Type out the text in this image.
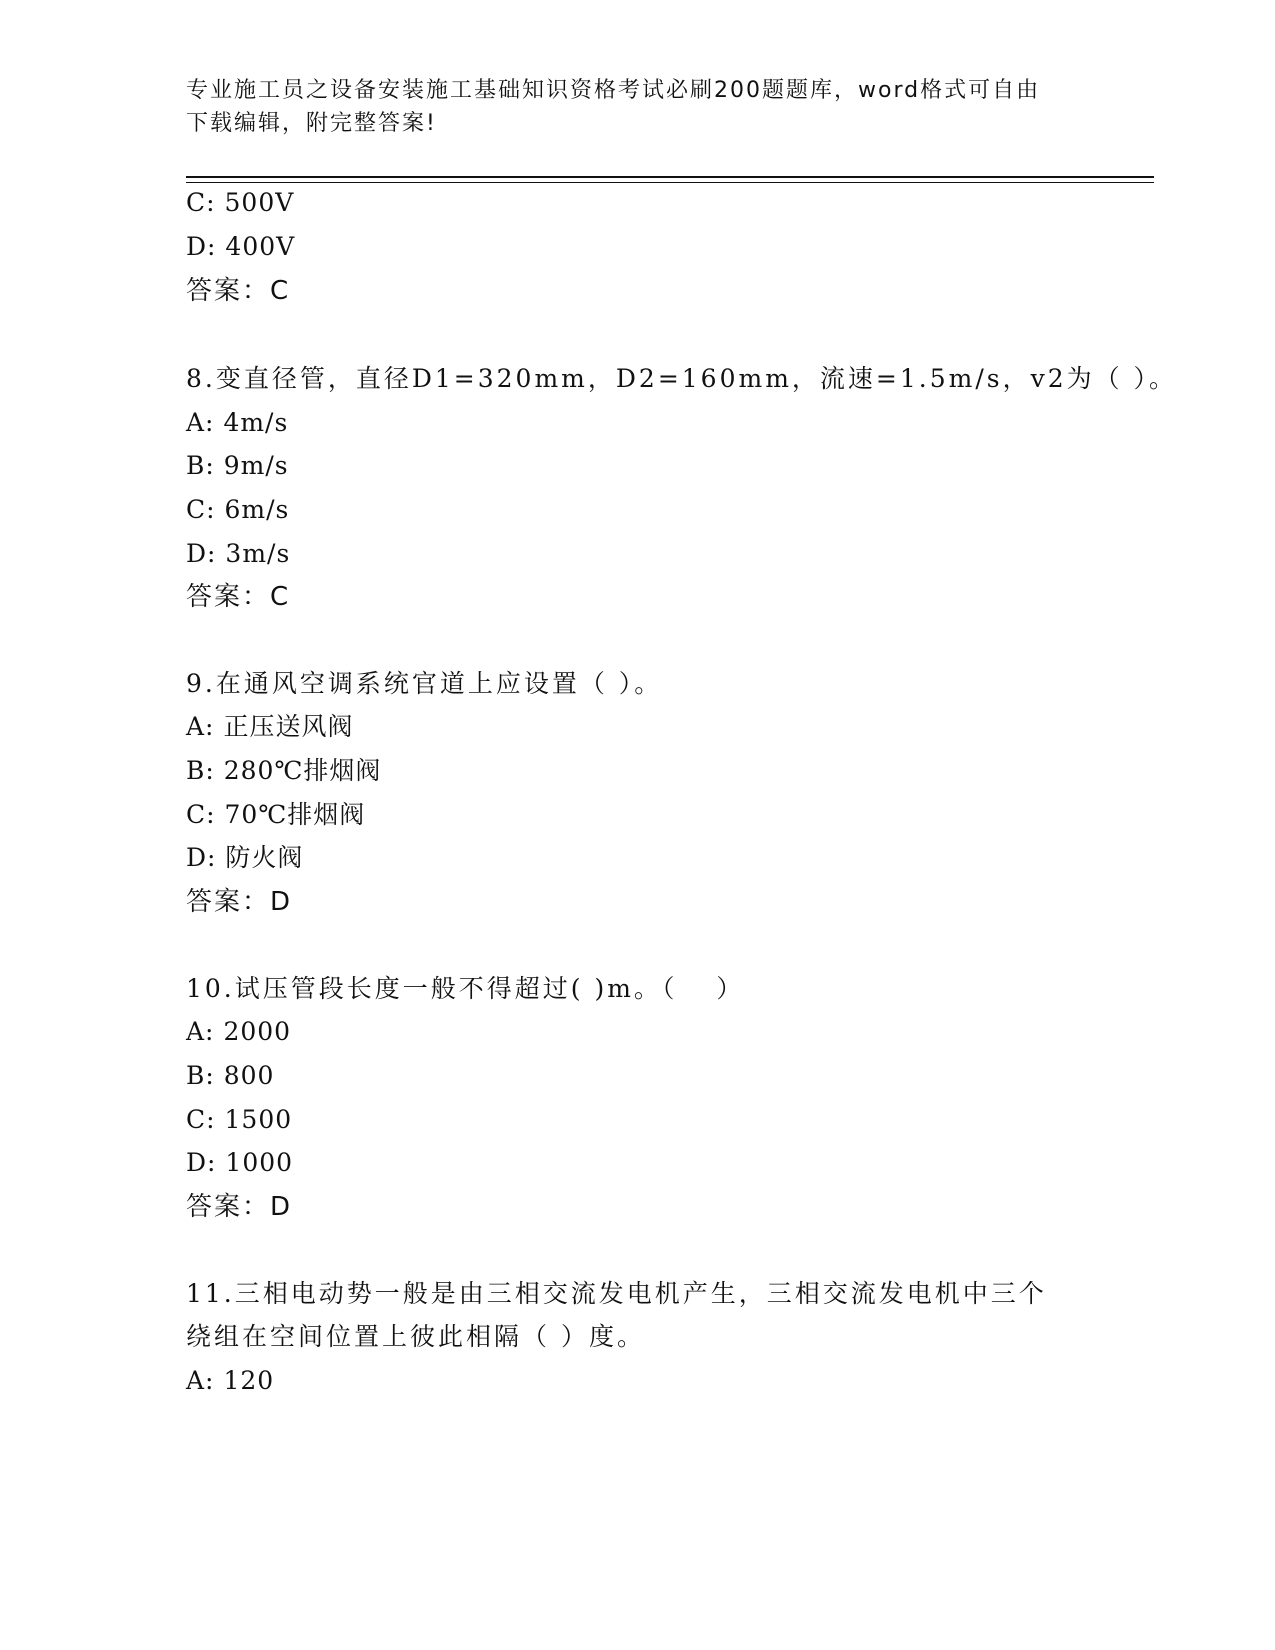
专业施工员之设备安装施工基础知识资格考试必刷200题题库，word格式可自由
下载编辑，附完整答案!
C: 500V
D: 400V
答案：C
8.变直径管，直径D1=320mm，D2=160mm，流速=1.5m/s，v2为（ ）。
A: 4m/s
B: 9m/s
C: 6m/s
D: 3m/s
答案：C
9.在通风空调系统官道上应设置（ ）。
A: 正压送风阀
B: 280℃排烟阀
C: 70℃排烟阀
D: 防火阀
答案：D
10.试压管段长度一般不得超过( )m。（　 ）
A: 2000
B: 800
C: 1500
D: 1000
答案：D
11.三相电动势一般是由三相交流发电机产生，三相交流发电机中三个
绕组在空间位置上彼此相隔（ ）度。
A: 120
